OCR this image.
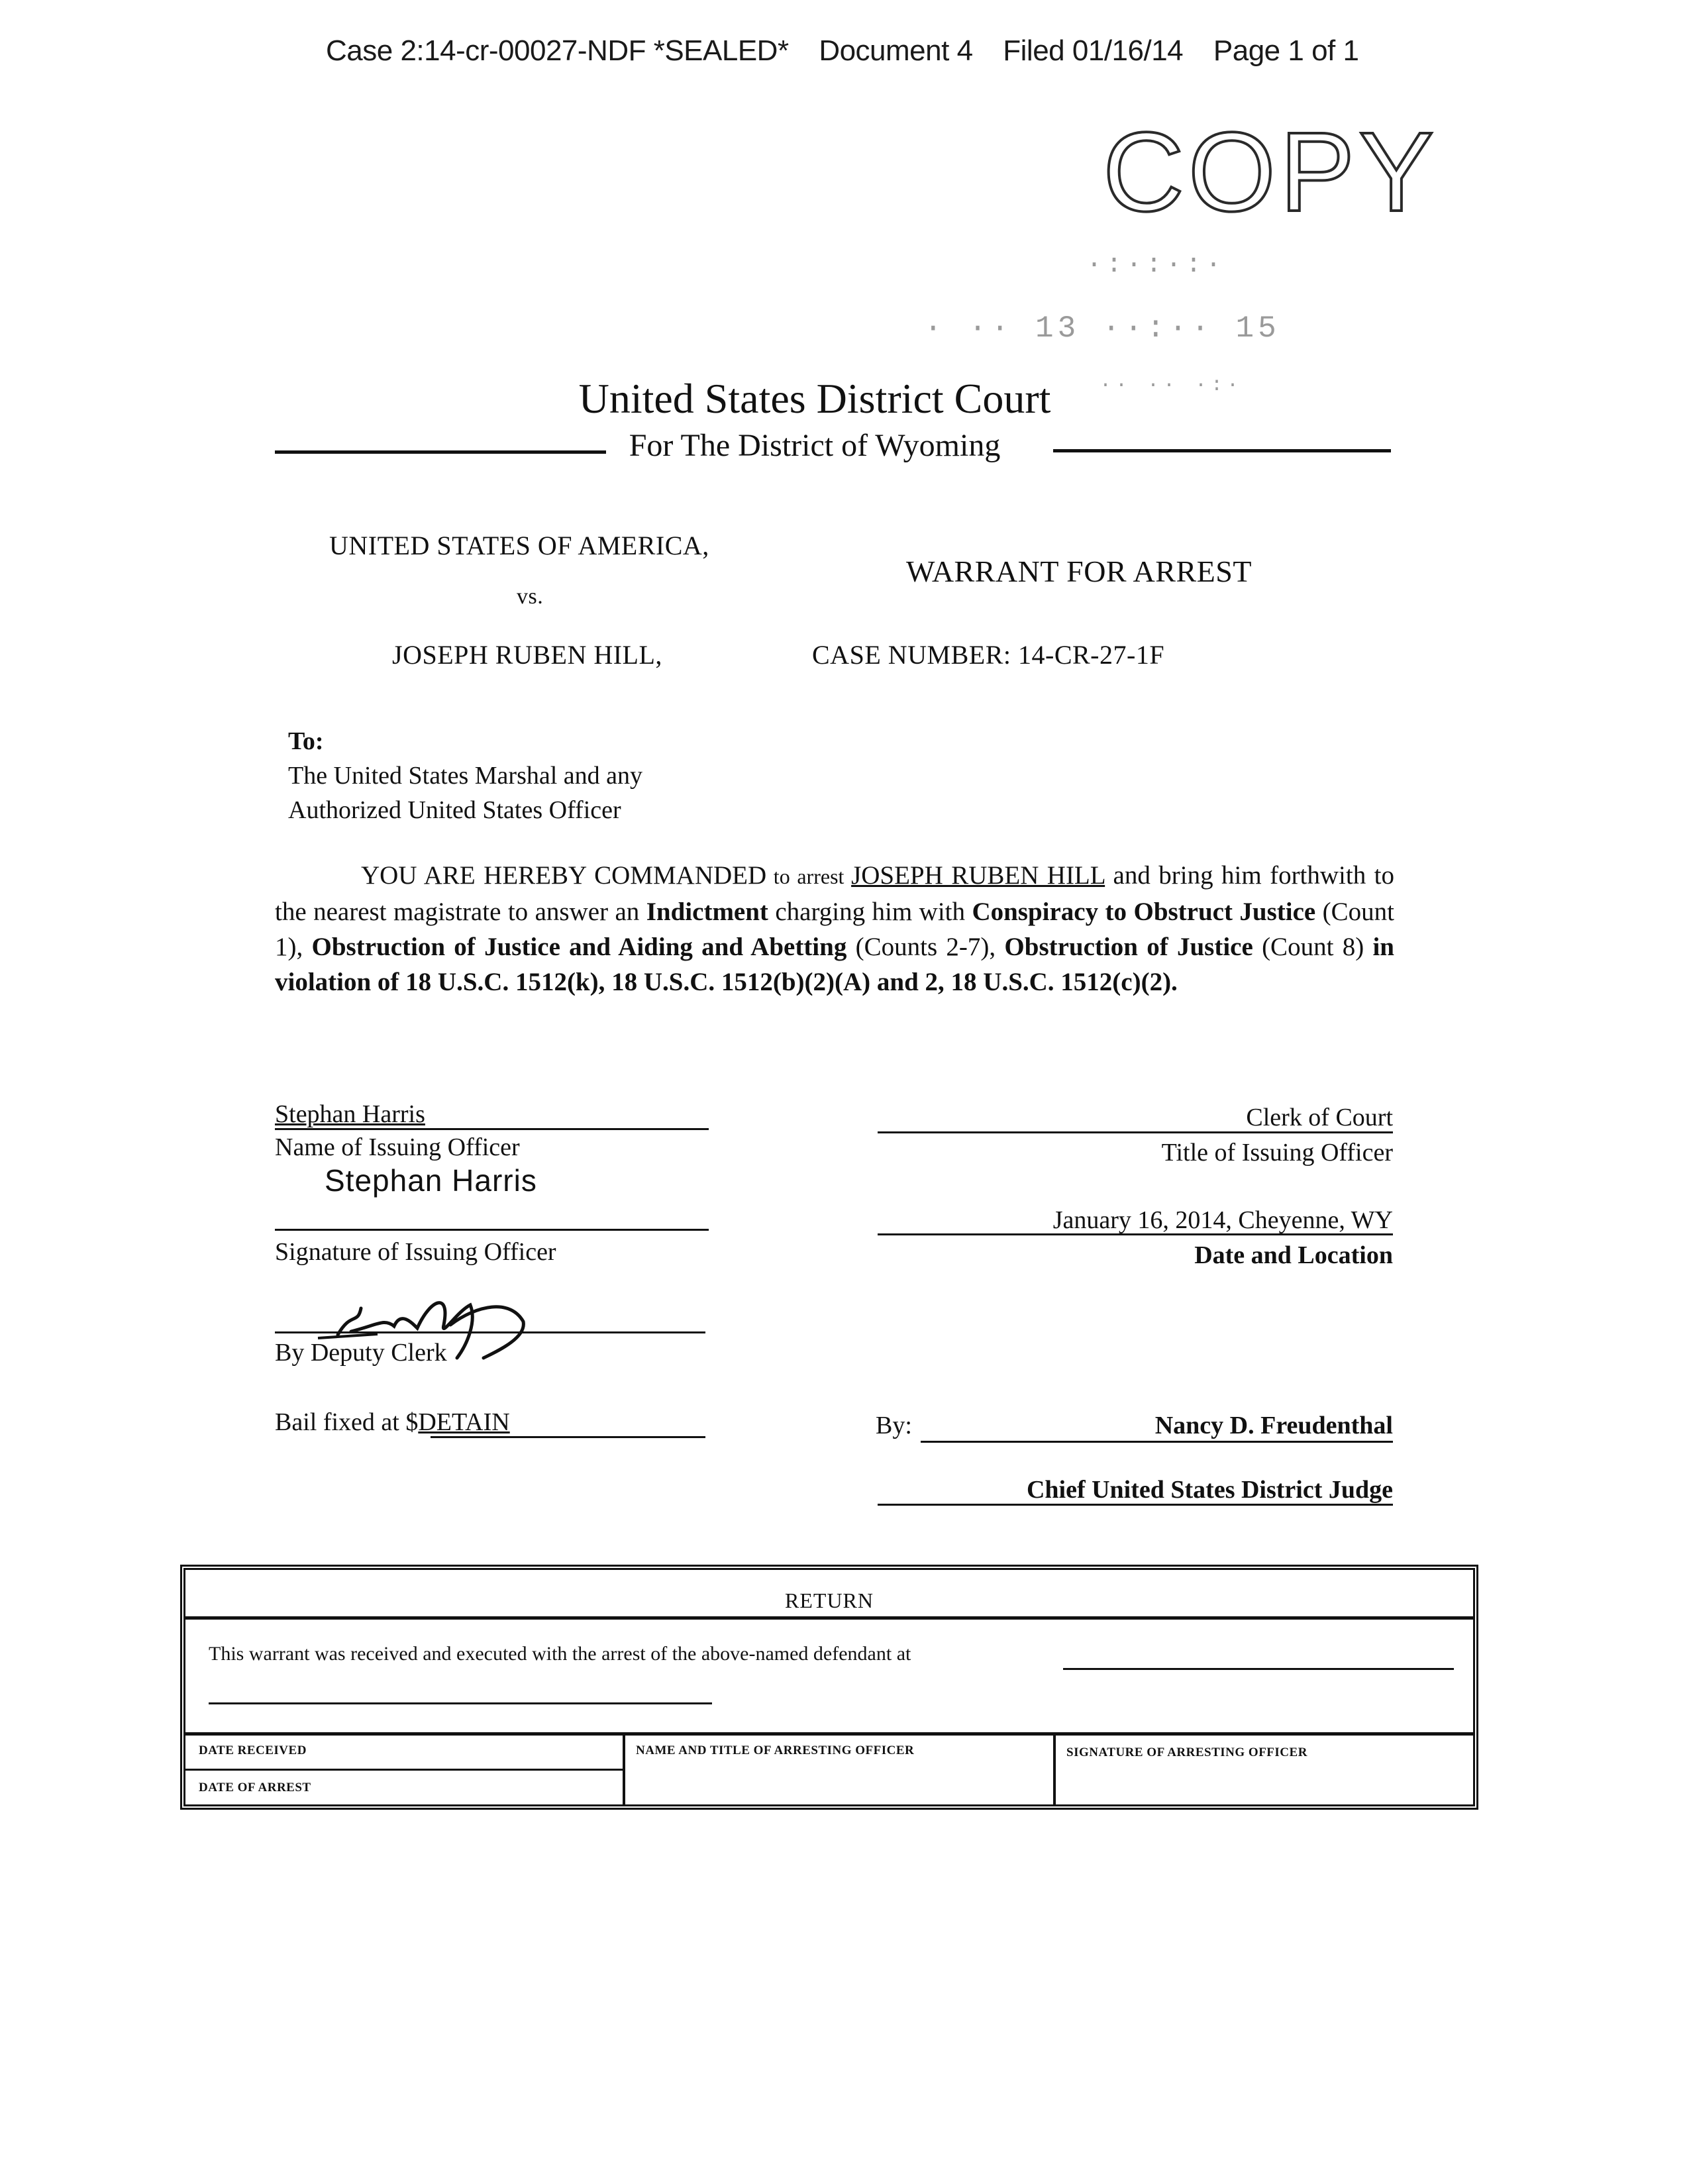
Case 2:14-cr-00027-NDF *SEALED* Document 4 Filed 01/16/14 Page 1 of 1
COPY
·:·:·:·
· ·· 13 ··:·· 15
·· ·· ·:·
United States District Court
For The District of Wyoming
UNITED STATES OF AMERICA,
vs.
JOSEPH RUBEN HILL,
WARRANT FOR ARREST
CASE NUMBER: 14-CR-27-1F
To:
The United States Marshal and any
Authorized United States Officer
YOU ARE HEREBY COMMANDED to arrest JOSEPH RUBEN HILL and bring him forthwith to the nearest magistrate to answer an Indictment charging him with Conspiracy to Obstruct Justice (Count 1), Obstruction of Justice and Aiding and Abetting (Counts 2-7), Obstruction of Justice (Count 8) in violation of 18 U.S.C. 1512(k), 18 U.S.C. 1512(b)(2)(A) and 2, 18 U.S.C. 1512(c)(2).
Stephan Harris
Name of Issuing Officer
Stephan Harris
Signature of Issuing Officer
By Deputy Clerk
Bail fixed at $DETAIN
Clerk of Court
Title of Issuing Officer
January 16, 2014, Cheyenne, WY
Date and Location
By:	Nancy D. Freudenthal
Chief United States District Judge
RETURN
This warrant was received and executed with the arrest of the above-named defendant at
DATE RECEIVED
DATE OF ARREST
NAME AND TITLE OF ARRESTING OFFICER	SIGNATURE OF ARRESTING OFFICER
